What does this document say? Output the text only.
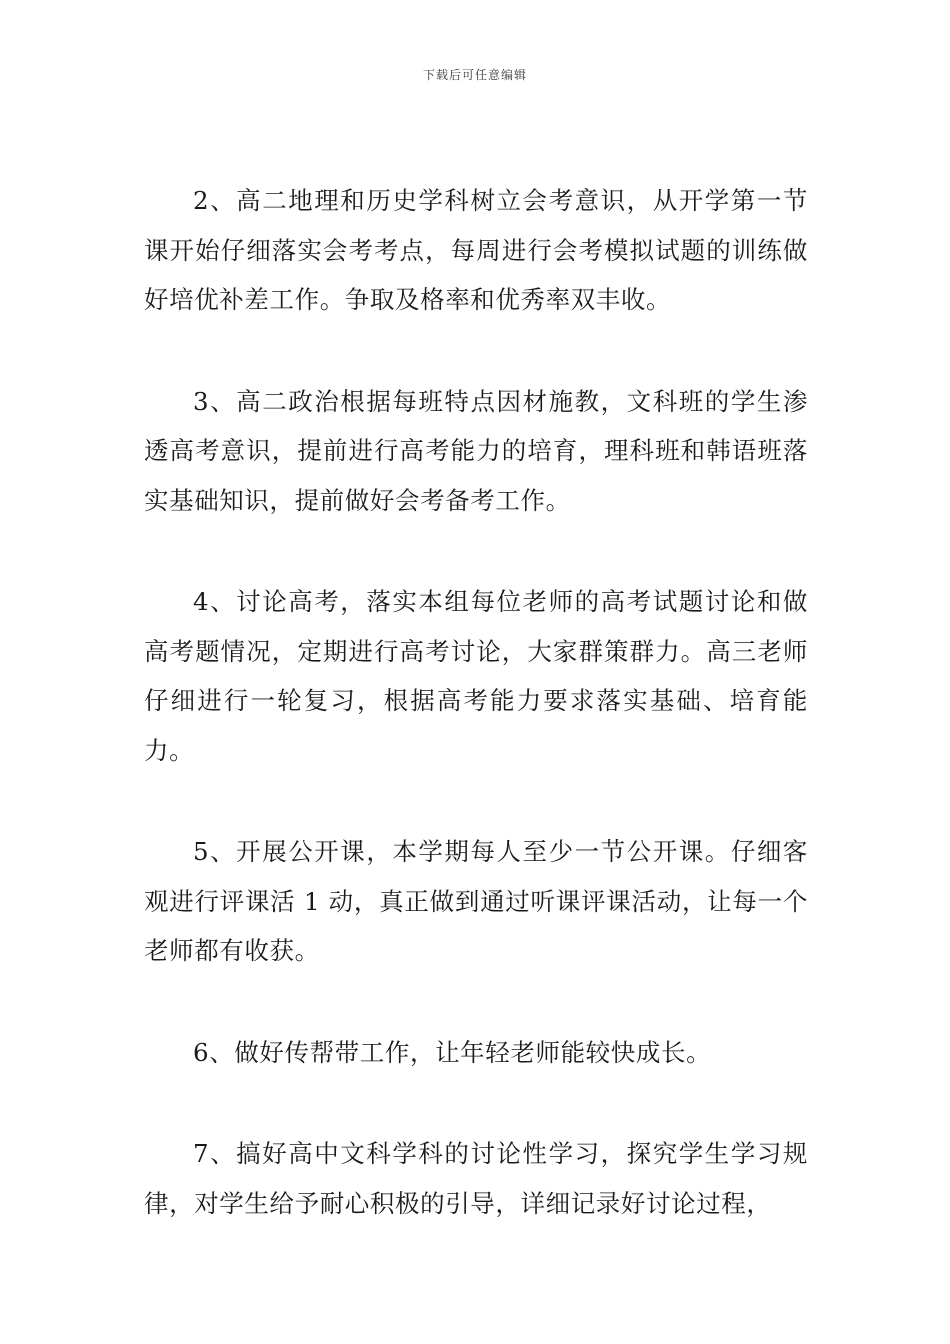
下载后可任意编辑

2、高二地理和历史学科树立会考意识，从开学第一节课开始仔细落实会考考点，每周进行会考模拟试题的训练做好培优补差工作。争取及格率和优秀率双丰收。

3、高二政治根据每班特点因材施教，文科班的学生渗透高考意识，提前进行高考能力的培育，理科班和韩语班落实基础知识，提前做好会考备考工作。

4、讨论高考，落实本组每位老师的高考试题讨论和做高考题情况，定期进行高考讨论，大家群策群力。高三老师仔细进行一轮复习，根据高考能力要求落实基础、培育能力。

5、开展公开课，本学期每人至少一节公开课。仔细客观进行评课活 1 动，真正做到通过听课评课活动，让每一个老师都有收获。

6、做好传帮带工作，让年轻老师能较快成长。

7、搞好高中文科学科的讨论性学习，探究学生学习规律，对学生给予耐心积极的引导，详细记录好讨论过程，
